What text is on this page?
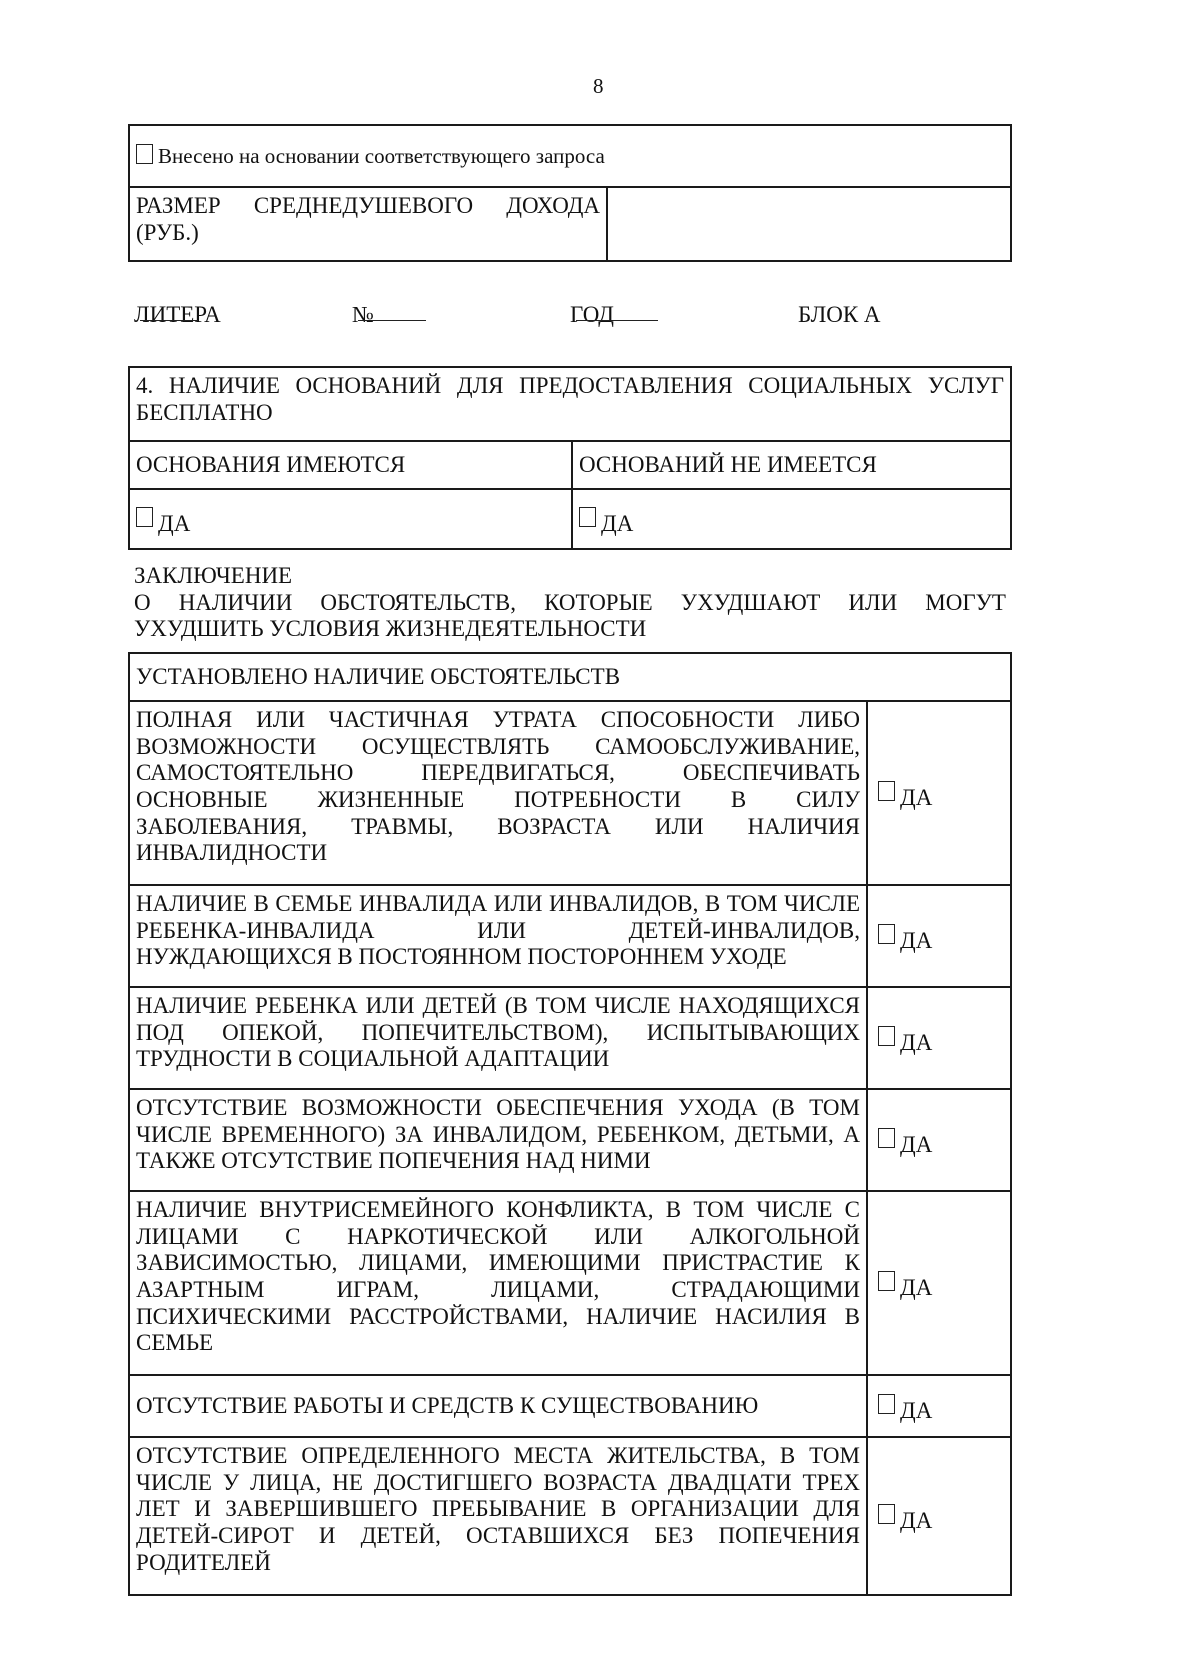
8
Внесено на основании соответствующего запроса
РАЗМЕР СРЕДНЕДУШЕВОГО ДОХОДА (РУБ.)	
ЛИТЕРА
	№
	ГОД
	БЛОК А
4. НАЛИЧИЕ ОСНОВАНИЙ ДЛЯ ПРЕДОСТАВЛЕНИЯ СОЦИАЛЬНЫХ УСЛУГ БЕСПЛАТНО	

ОСНОВАНИЯ ИМЕЮТСЯ	ОСНОВАНИЙ НЕ ИМЕЕТСЯ
ДА	ДА
ЗАКЛЮЧЕНИЕ
О НАЛИЧИИ ОБСТОЯТЕЛЬСТВ, КОТОРЫЕ УХУДШАЮТ ИЛИ МОГУТ
УХУДШИТЬ УСЛОВИЯ ЖИЗНЕДЕЯТЕЛЬНОСТИ
УСТАНОВЛЕНО НАЛИЧИЕ ОБСТОЯТЕЛЬСТВ	
ПОЛНАЯ ИЛИ ЧАСТИЧНАЯ УТРАТА СПОСОБНОСТИ ЛИБО ВОЗМОЖНОСТИ ОСУЩЕСТВЛЯТЬ САМООБСЛУЖИВАНИЕ, САМОСТОЯТЕЛЬНО ПЕРЕДВИГАТЬСЯ, ОБЕСПЕЧИВАТЬ ОСНОВНЫЕ ЖИЗНЕННЫЕ ПОТРЕБНОСТИ В СИЛУ ЗАБОЛЕВАНИЯ, ТРАВМЫ, ВОЗРАСТА ИЛИ НАЛИЧИЯ ИНВАЛИДНОСТИ	ДА
НАЛИЧИЕ В СЕМЬЕ ИНВАЛИДА ИЛИ ИНВАЛИДОВ, В ТОМ ЧИСЛЕ РЕБЕНКА-ИНВАЛИДА ИЛИ ДЕТЕЙ-ИНВАЛИДОВ, НУЖДАЮЩИХСЯ В ПОСТОЯННОМ ПОСТОРОННЕМ УХОДЕ	ДА
НАЛИЧИЕ РЕБЕНКА ИЛИ ДЕТЕЙ (В ТОМ ЧИСЛЕ НАХОДЯЩИХСЯ ПОД ОПЕКОЙ, ПОПЕЧИТЕЛЬСТВОМ), ИСПЫТЫВАЮЩИХ ТРУДНОСТИ В СОЦИАЛЬНОЙ АДАПТАЦИИ	ДА
ОТСУТСТВИЕ ВОЗМОЖНОСТИ ОБЕСПЕЧЕНИЯ УХОДА (В ТОМ ЧИСЛЕ ВРЕМЕННОГО) ЗА ИНВАЛИДОМ, РЕБЕНКОМ, ДЕТЬМИ, А ТАКЖЕ ОТСУТСТВИЕ ПОПЕЧЕНИЯ НАД НИМИ	ДА
НАЛИЧИЕ ВНУТРИСЕМЕЙНОГО КОНФЛИКТА, В ТОМ ЧИСЛЕ С ЛИЦАМИ С НАРКОТИЧЕСКОЙ ИЛИ АЛКОГОЛЬНОЙ ЗАВИСИМОСТЬЮ, ЛИЦАМИ, ИМЕЮЩИМИ ПРИСТРАСТИЕ К АЗАРТНЫМ ИГРАМ, ЛИЦАМИ, СТРАДАЮЩИМИ ПСИХИЧЕСКИМИ РАССТРОЙСТВАМИ, НАЛИЧИЕ НАСИЛИЯ В СЕМЬЕ	ДА
ОТСУТСТВИЕ РАБОТЫ И СРЕДСТВ К СУЩЕСТВОВАНИЮ	ДА
ОТСУТСТВИЕ ОПРЕДЕЛЕННОГО МЕСТА ЖИТЕЛЬСТВА, В ТОМ ЧИСЛЕ У ЛИЦА, НЕ ДОСТИГШЕГО ВОЗРАСТА ДВАДЦАТИ ТРЕХ ЛЕТ И ЗАВЕРШИВШЕГО ПРЕБЫВАНИЕ В ОРГАНИЗАЦИИ ДЛЯ ДЕТЕЙ-СИРОТ И ДЕТЕЙ, ОСТАВШИХСЯ БЕЗ ПОПЕЧЕНИЯ РОДИТЕЛЕЙ	ДА
